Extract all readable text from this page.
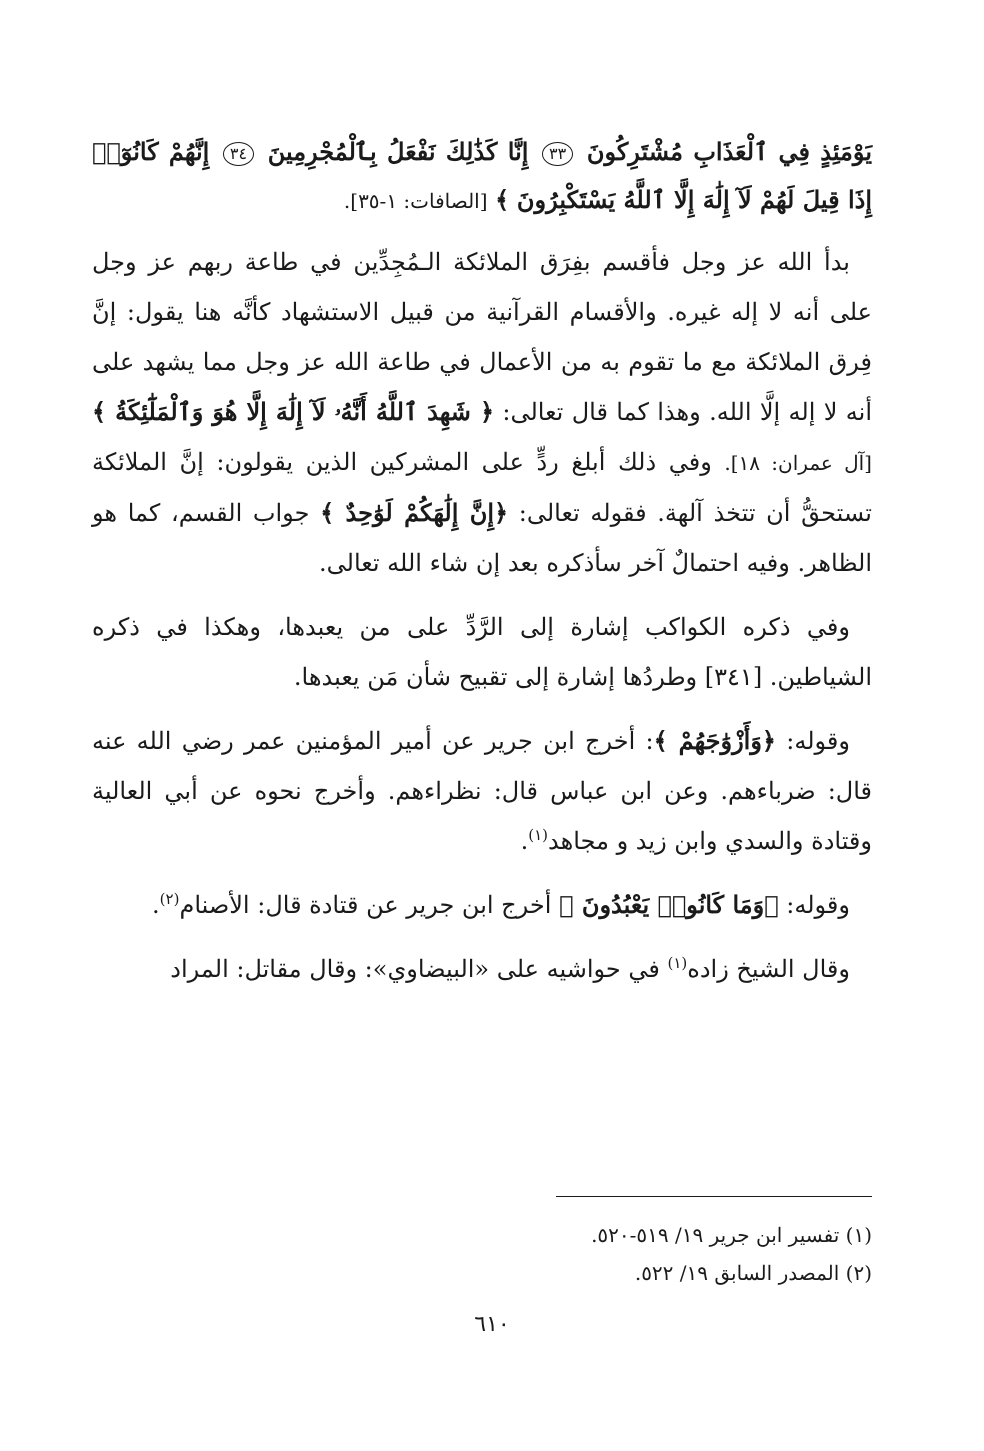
يَوْمَئِذٍ فِي ٱلْعَذَابِ مُشْتَرِكُونَ ٣٣ إِنَّا كَذَٰلِكَ نَفْعَلُ بِٱلْمُجْرِمِينَ ٣٤ إِنَّهُمْ كَانُوٓا۟ إِذَا قِيلَ لَهُمْ لَآ إِلَٰهَ إِلَّا ٱللَّهُ يَسْتَكْبِرُونَ ﴾ [الصافات: ١-٣٥].

بدأ الله عز وجل فأقسم بفِرَق الملائكة الـمُجِدِّين في طاعة ربهم عز وجل على أنه لا إله غيره. والأقسام القرآنية من قبيل الاستشهاد كأنَّه هنا يقول: إنَّ فِرق الملائكة مع ما تقوم به من الأعمال في طاعة الله عز وجل مما يشهد على أنه لا إله إلَّا الله. وهذا كما قال تعالى: ﴿ شَهِدَ ٱللَّهُ أَنَّهُۥ لَآ إِلَٰهَ إِلَّا هُوَ وَٱلْمَلَٰٓئِكَةُ ﴾ [آل عمران: ١٨]. وفي ذلك أبلغ ردٍّ على المشركين الذين يقولون: إنَّ الملائكة تستحقُّ أن تتخذ آلهة. فقوله تعالى: ﴿إِنَّ إِلَٰهَكُمْ لَوَٰحِدٌ ﴾ جواب القسم، كما هو الظاهر. وفيه احتمالٌ آخر سأذكره بعد إن شاء الله تعالى.

وفي ذكره الكواكب إشارة إلى الرَّدِّ على من يعبدها، وهكذا في ذكره الشياطين. [٣٤١] وطردُها إشارة إلى تقبيح شأن مَن يعبدها.

وقوله: ﴿وَأَزْوَٰجَهُمْ ﴾: أخرج ابن جرير عن أمير المؤمنين عمر رضي الله عنه قال: ضرباءهم. وعن ابن عباس قال: نظراءهم. وأخرج نحوه عن أبي العالية وقتادة والسدي وابن زيد و مجاهد$^{(١)}$.

وقوله: ﴿وَمَا كَانُوا۟ يَعْبُدُونَ ﴾ أخرج ابن جرير عن قتادة قال: الأصنام$^{(٢)}$.

وقال الشيخ زاده$^{(١)}$ في حواشيه على «البيضاوي»: وقال مقاتل: المراد

(١) تفسير ابن جرير ١٩/ ٥١٩-٥٢٠.

(٢) المصدر السابق ١٩/ ٥٢٢.

٦١٠
